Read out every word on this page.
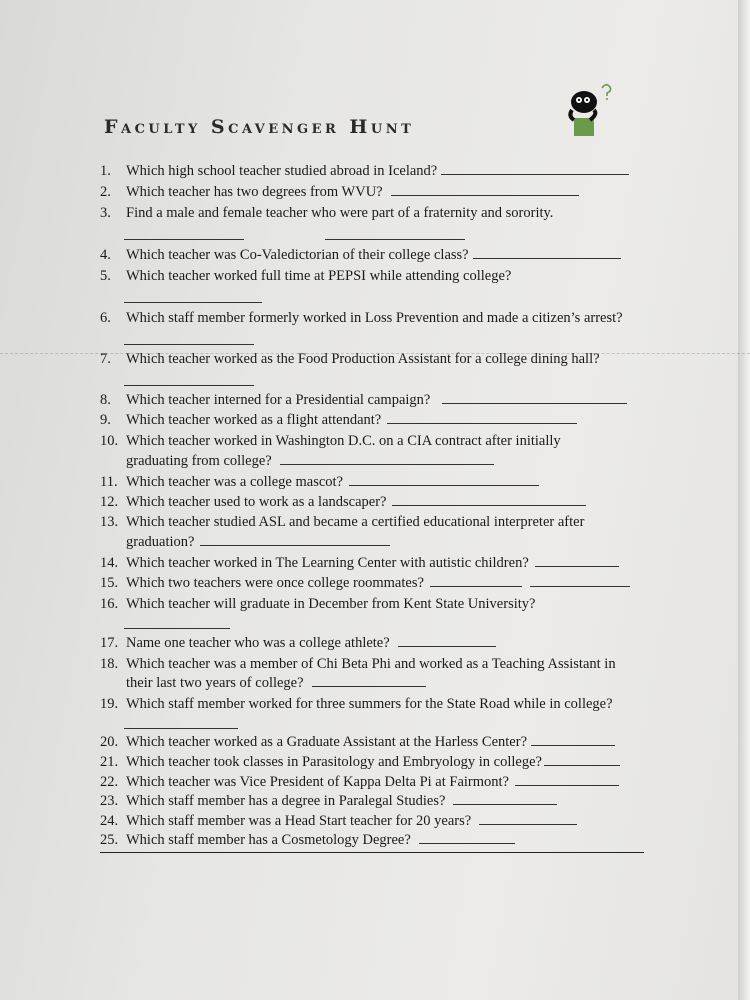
Faculty Scavenger Hunt
1. Which high school teacher studied abroad in Iceland?
2. Which teacher has two degrees from WVU?
3. Find a male and female teacher who were part of a fraternity and sorority.
4. Which teacher was Co-Valedictorian of their college class?
5. Which teacher worked full time at PEPSI while attending college?
6. Which staff member formerly worked in Loss Prevention and made a citizen’s arrest?
7. Which teacher worked as the Food Production Assistant for a college dining hall?
8. Which teacher interned for a Presidential campaign?
9. Which teacher worked as a flight attendant?
10. Which teacher worked in Washington D.C. on a CIA contract after initially
graduating from college?
11. Which teacher was a college mascot?
12. Which teacher used to work as a landscaper?
13. Which teacher studied ASL and became a certified educational interpreter after
graduation?
14. Which teacher worked in The Learning Center with autistic children?
15. Which two teachers were once college roommates?
16. Which teacher will graduate in December from Kent State University?
17. Name one teacher who was a college athlete?
18. Which teacher was a member of Chi Beta Phi and worked as a Teaching Assistant in
their last two years of college?
19. Which staff member worked for three summers for the State Road while in college?
20. Which teacher worked as a Graduate Assistant at the Harless Center?
21. Which teacher took classes in Parasitology and Embryology in college?
22. Which teacher was Vice President of Kappa Delta Pi at Fairmont?
23. Which staff member has a degree in Paralegal Studies?
24. Which staff member was a Head Start teacher for 20 years?
25. Which staff member has a Cosmetology Degree?
